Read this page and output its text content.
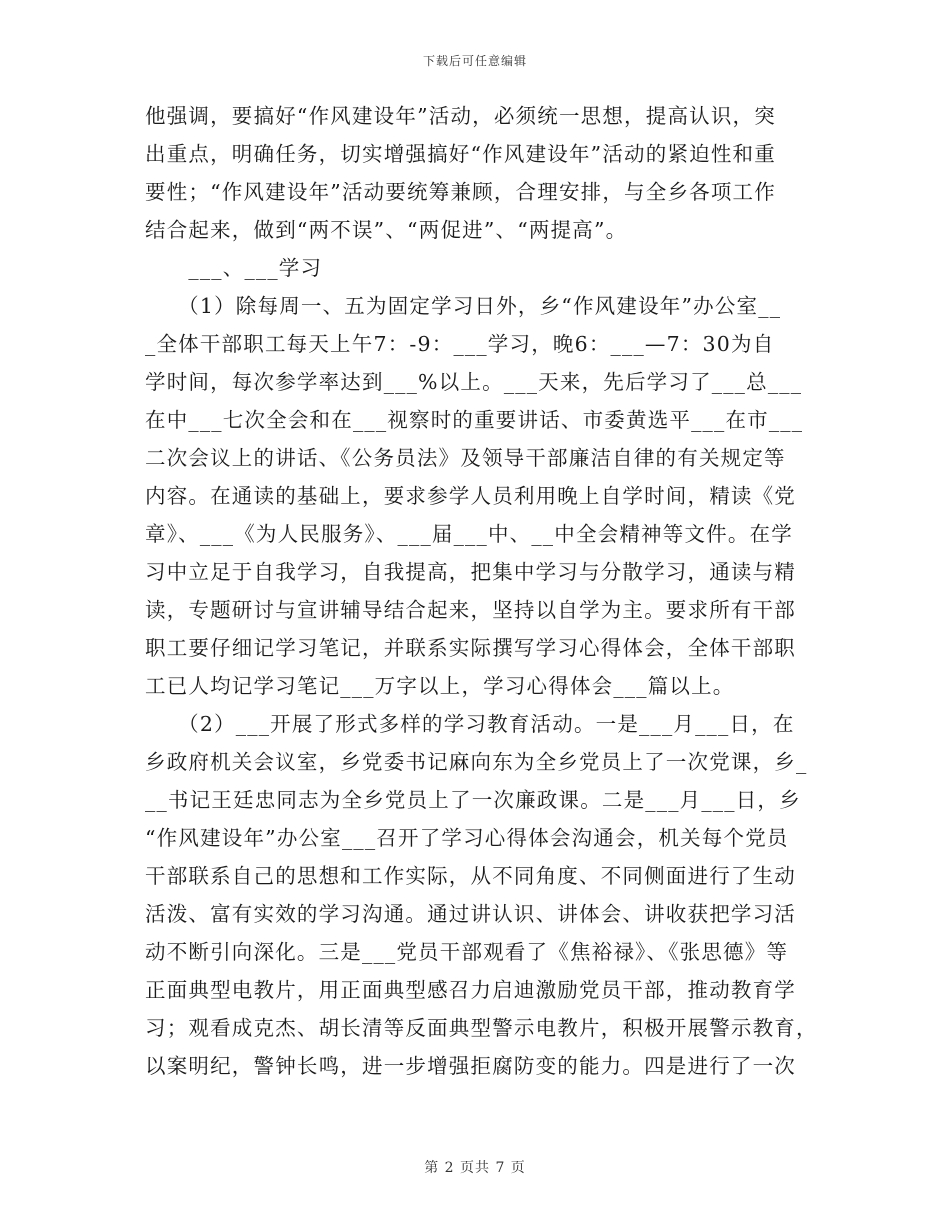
下载后可任意编辑
他强调，要搞好“作风建设年”活动，必须统一思想，提高认识，突
出重点，明确任务，切实增强搞好“作风建设年”活动的紧迫性和重
要性；“作风建设年”活动要统筹兼顾，合理安排，与全乡各项工作
结合起来，做到“两不误”、“两促进”、“两提高”。
　　___、___学习
　　（1）除每周一、五为固定学习日外，乡“作风建设年”办公室__
_全体干部职工每天上午7：-9：___学习，晚6：___—7：30为自
学时间，每次参学率达到___%以上。___天来，先后学习了___总___
在中___七次全会和在___视察时的重要讲话、市委黄选平___在市___
二次会议上的讲话、《公务员法》及领导干部廉洁自律的有关规定等
内容。在通读的基础上，要求参学人员利用晚上自学时间，精读《党
章》、___《为人民服务》、___届___中、__中全会精神等文件。在学
习中立足于自我学习，自我提高，把集中学习与分散学习，通读与精
读，专题研讨与宣讲辅导结合起来，坚持以自学为主。要求所有干部
职工要仔细记学习笔记，并联系实际撰写学习心得体会，全体干部职
工已人均记学习笔记___万字以上，学习心得体会___篇以上。
　　（2）___开展了形式多样的学习教育活动。一是___月___日，在
乡政府机关会议室，乡党委书记麻向东为全乡党员上了一次党课，乡_
__书记王廷忠同志为全乡党员上了一次廉政课。二是___月___日，乡
“作风建设年”办公室___召开了学习心得体会沟通会，机关每个党员
干部联系自己的思想和工作实际，从不同角度、不同侧面进行了生动
活泼、富有实效的学习沟通。通过讲认识、讲体会、讲收获把学习活
动不断引向深化。三是___党员干部观看了《焦裕禄》、《张思德》等
正面典型电教片，用正面典型感召力启迪激励党员干部，推动教育学
习；观看成克杰、胡长清等反面典型警示电教片，积极开展警示教育，
以案明纪，警钟长鸣，进一步增强拒腐防变的能力。四是进行了一次
第 2 页共 7 页
